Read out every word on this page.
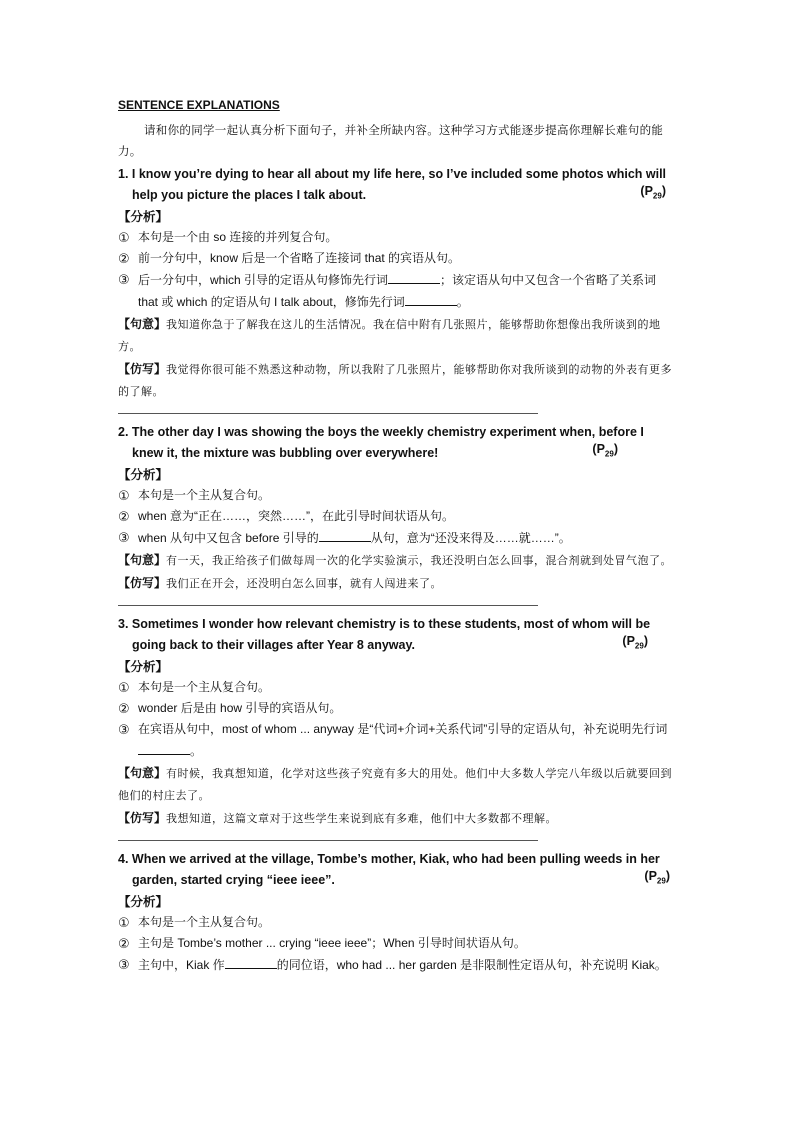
SENTENCE EXPLANATIONS
请和你的同学一起认真分析下面句子，并补全所缺内容。这种学习方式能逐步提高你理解长难句的能力。
1. I know you’re dying to hear all about my life here, so I’ve included some photos which will help you picture the places I talk about.	$(P_{29})$
【分析】
① 本句是一个由 so 连接的并列复合句。
② 前一分句中，know 后是一个省略了连接词 that 的宾语从句。
③ 后一分句中，which 引导的定语从句修饰先行词	；该定语从句中又包含一个省略了关系词 that 或 which 的定语从句 I talk about，修饰先行词	。
【句意】我知道你急于了解我在这儿的生活情况。我在信中附有几张照片，能够帮助你想像出我所谈到的地方。
【仿写】我觉得你很可能不熟悉这种动物，所以我附了几张照片，能够帮助你对我所谈到的动物的外表有更多的了解。
2. The other day I was showing the boys the weekly chemistry experiment when, before I knew it, the mixture was bubbling over everywhere!	$(P_{29})$
【分析】
① 本句是一个主从复合句。
② when 意为“正在……，突然……”，在此引导时间状语从句。
③ when 从句中又包含 before 引导的	从句，意为“还没来得及……就……”。
【句意】有一天，我正给孩子们做每周一次的化学实验演示，我还没明白怎么回事，混合剂就到处冒气泡了。
【仿写】我们正在开会，还没明白怎么回事，就有人闯进来了。
3. Sometimes I wonder how relevant chemistry is to these students, most of whom will be going back to their villages after Year 8 anyway.	$(P_{29})$
【分析】
① 本句是一个主从复合句。
② wonder 后是由 how 引导的宾语从句。
③ 在宾语从句中，most of whom ... anyway 是“代词+介词+关系代词”引导的定语从句，补充说明先行词。
【句意】有时候，我真想知道，化学对这些孩子究竟有多大的用处。他们中大多数人学完八年级以后就要回到他们的村庄去了。
【仿写】我想知道，这篇文章对于这些学生来说到底有多难，他们中大多数都不理解。
4. When we arrived at the village, Tombe’s mother, Kiak, who had been pulling weeds in her garden, started crying “ieee ieee”.	$(P_{29})$
【分析】
① 本句是一个主从复合句。
② 主句是 Tombe’s mother ... crying “ieee ieee”；When 引导时间状语从句。
③ 主句中，Kiak 作	的同位语，who had ... her garden 是非限制性定语从句，补充说明 Kiak。
